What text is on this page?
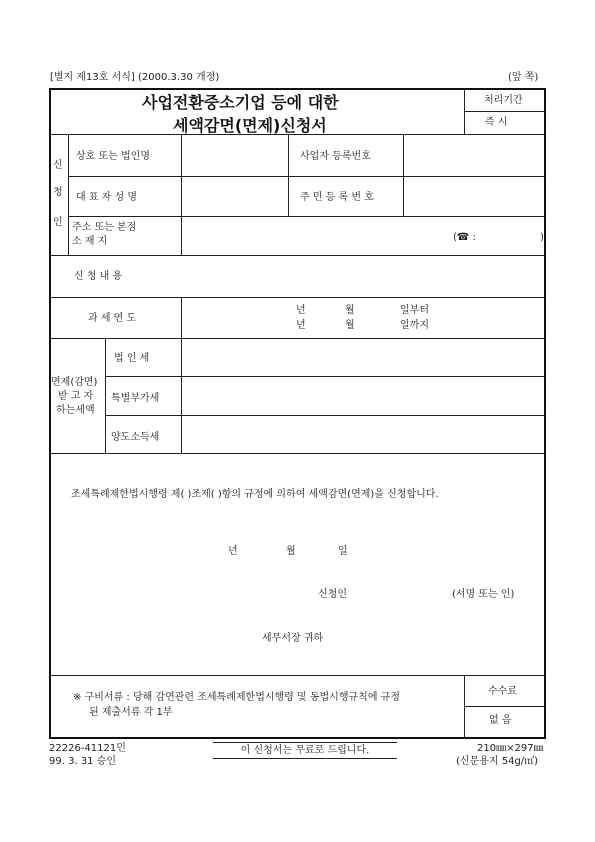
[별지 제13호 서식] (2000.3.30 개정)	(앞 쪽)
사업전환중소기업 등에 대한
세액감면(면제)신청서
처리기간
즉 시
신
청
인
상호 또는 법인명	사업자 등록번호
대 표 자 성 명	주 민 등 록 번 호
주소 또는 본점
소 재 지	(☎ :	)
신 청 내 용
과 세 연 도
년	월	일부터
년	월	일까지
면제(감면)
받 고 자
하는세액
법 인 세
특별부가세
양도소득세
조세특례제한법시행령 제( )조제( )항의 규정에 의하여 세액감면(면제)을 신청합니다.
년	월	일
신청인	(서명 또는 인)
세무서장 귀하
※ 구비서류 : 당해 감면관련 조세특례제한법시행령 및 동법시행규칙에 규정
된 제출서류 각 1부
수수료
없 음
22226-41121민
99. 3. 31 승인
이 신청서는 무료로 드립니다.	210㎜×297㎜
(신문용지 54g/㎡)
